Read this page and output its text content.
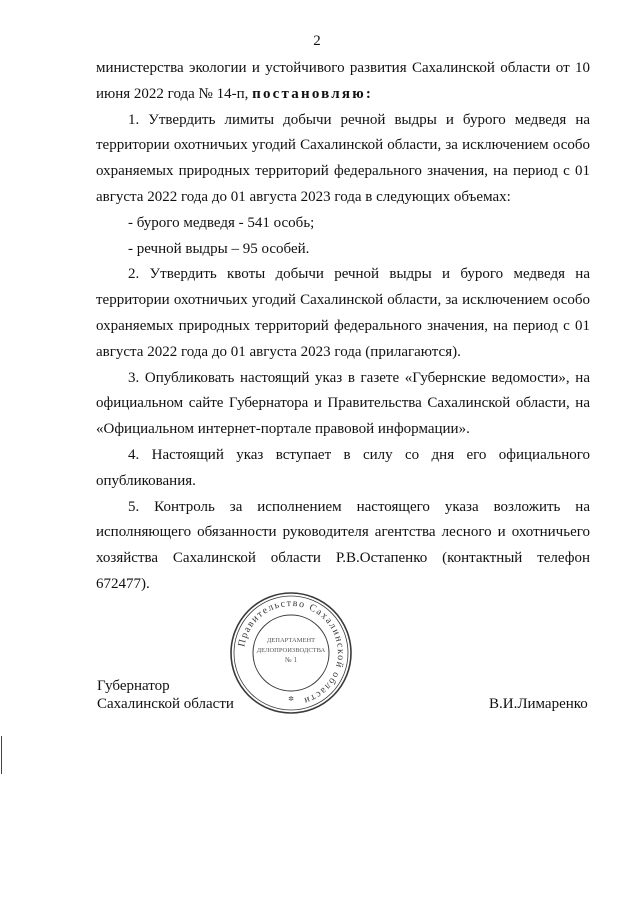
2

министерства экологии и устойчивого развития Сахалинской области от 10 июня 2022 года № 14-п, постановляю:

1. Утвердить лимиты добычи речной выдры и бурого медведя на территории охотничьих угодий Сахалинской области, за исключением особо охраняемых природных территорий федерального значения, на период с 01 августа 2022 года до 01 августа 2023 года в следующих объемах:

- бурого медведя - 541 особь;

- речной выдры – 95 особей.

2. Утвердить квоты добычи речной выдры и бурого медведя на территории охотничьих угодий Сахалинской области, за исключением особо охраняемых природных территорий федерального значения, на период с 01 августа 2022 года до 01 августа 2023 года (прилагаются).

3. Опубликовать настоящий указ в газете «Губернские ведомости», на официальном сайте Губернатора и Правительства Сахалинской области, на «Официальном интернет-портале правовой информации».

4. Настоящий указ вступает в силу со дня его официального опубликования.

5. Контроль за исполнением настоящего указа возложить на исполняющего обязанности руководителя агентства лесного и охотничьего хозяйства Сахалинской области Р.В.Остапенко (контактный телефон 672477).

Правительство Сахалинской области
ДЕПАРТАМЕНТ
ДЕЛОПРОИЗВОДСТВА
№ 1
✲
Губернатор
Сахалинской области	В.И.Лимаренко
